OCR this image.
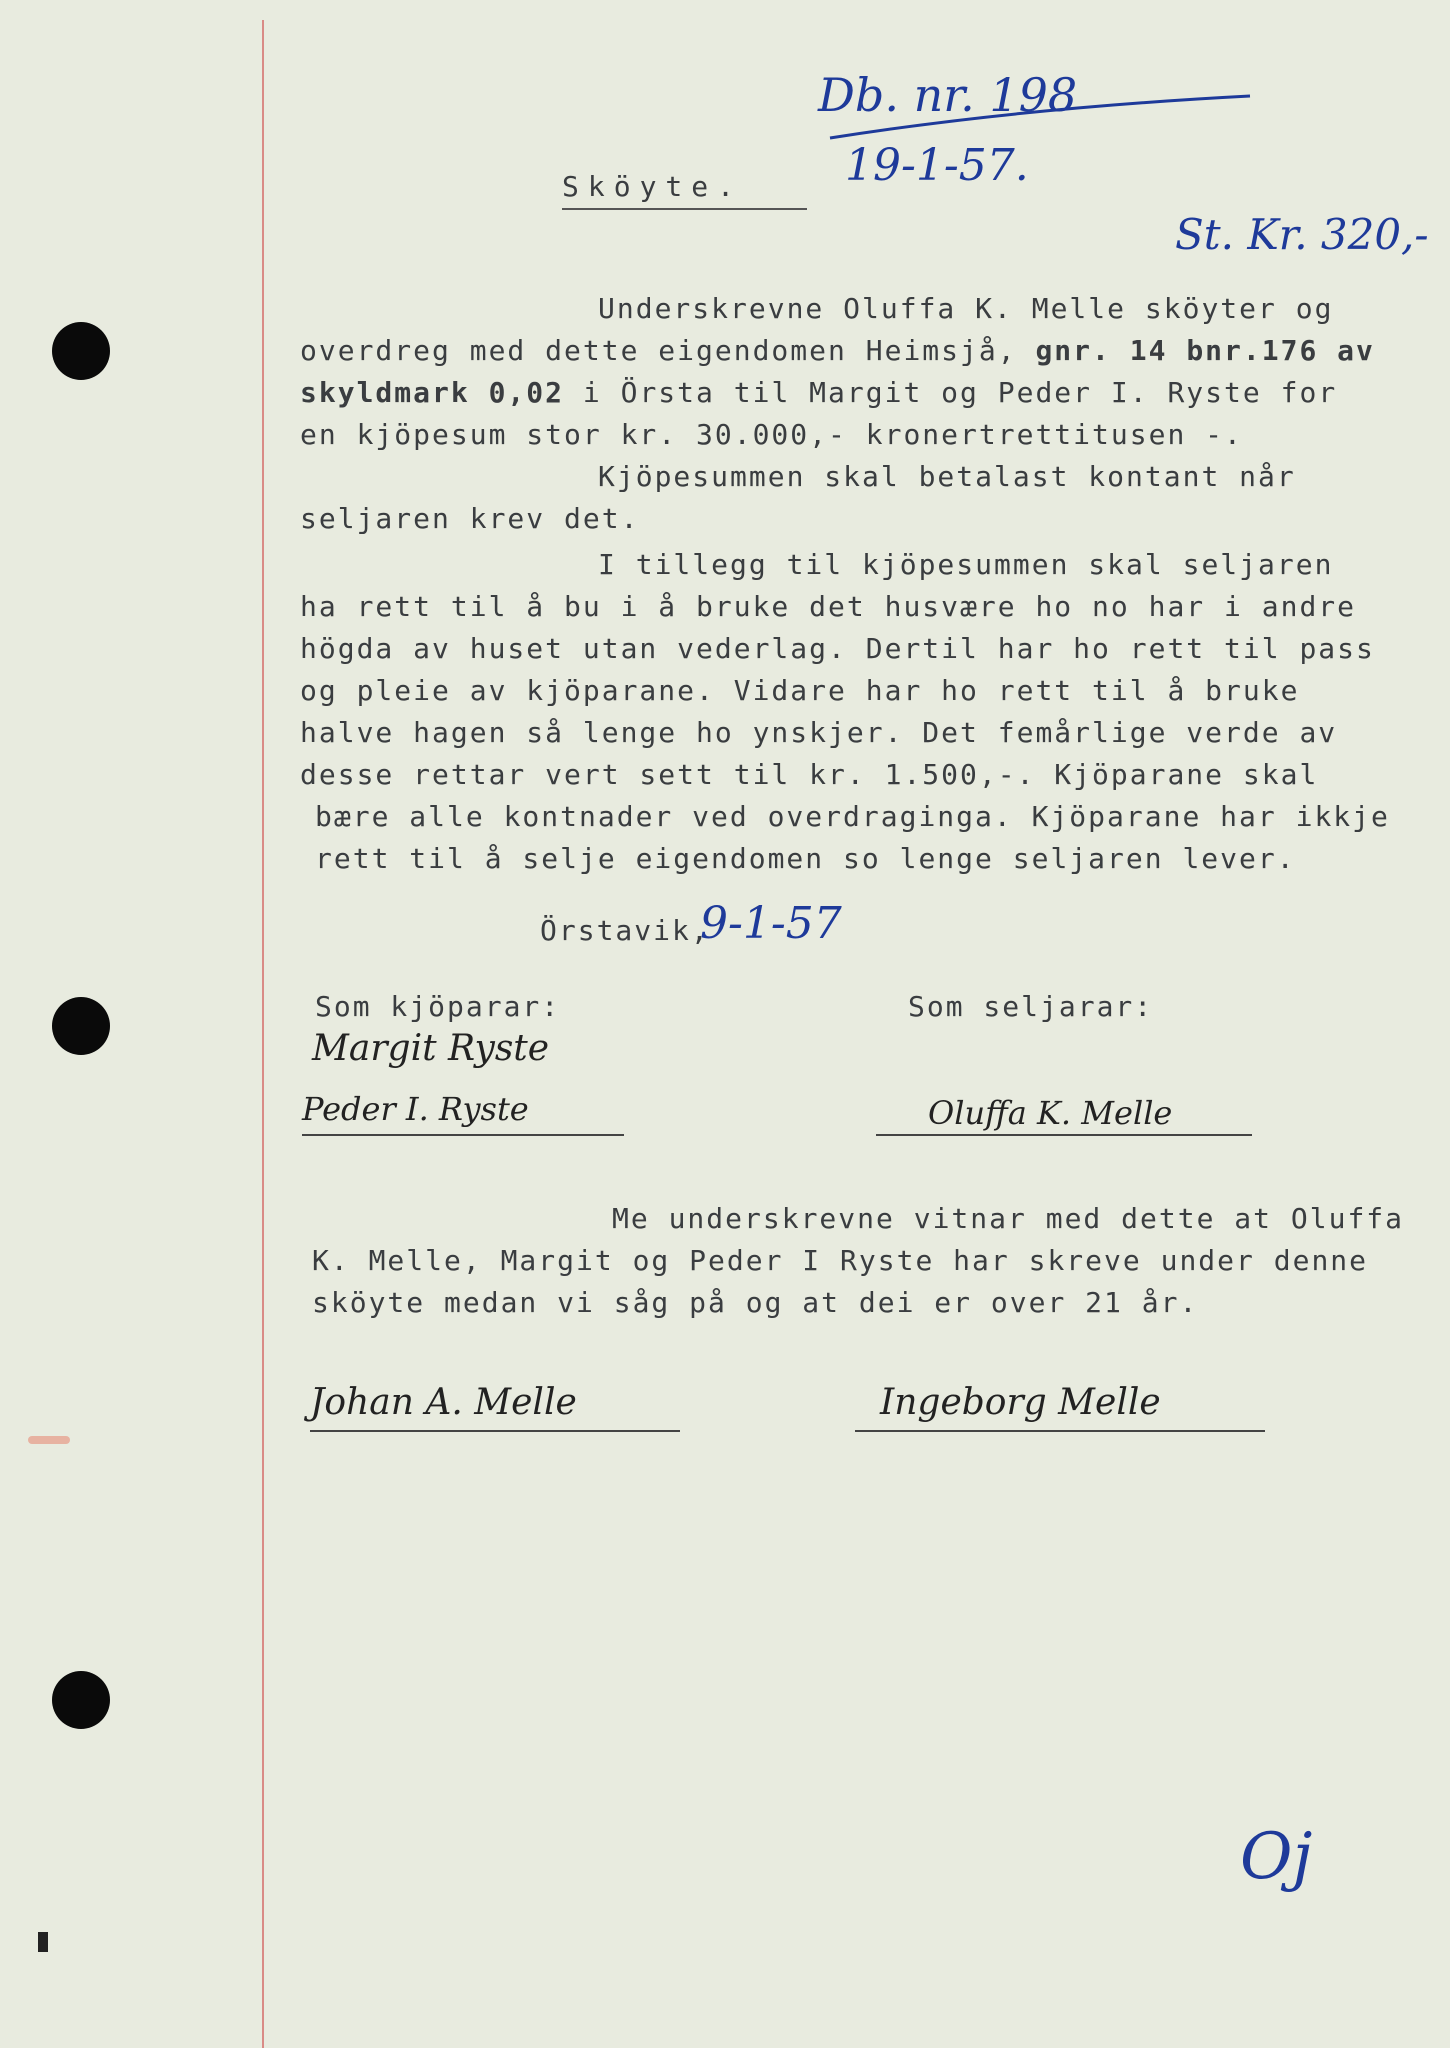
Db. nr. 198
19-1-57.
St. Kr. 320,-
Sköyte.
Underskrevne Oluffa K. Melle sköyter og
overdreg med dette eigendomen Heimsjå, gnr. 14 bnr.176 av
skyldmark 0,02 i Örsta til Margit og Peder I. Ryste for
en kjöpesum stor kr. 30.000,- kronertrettitusen -.
Kjöpesummen skal betalast kontant når
seljaren krev det.
I tillegg til kjöpesummen skal seljaren
ha rett til å bu i å bruke det husvære ho no har i andre
högda av huset utan vederlag. Dertil har ho rett til pass
og pleie av kjöparane. Vidare har ho rett til å bruke
halve hagen så lenge ho ynskjer. Det femårlige verde av
desse rettar vert sett til kr. 1.500,-. Kjöparane skal
bære alle kontnader ved overdraginga. Kjöparane har ikkje
rett til å selje eigendomen so lenge seljaren lever.
Örstavik,
9-1-57
Som kjöparar:	Som seljarar:
Margit Ryste
Peder I. Ryste	Oluffa K. Melle
Me underskrevne vitnar med dette at Oluffa
K. Melle, Margit og Peder I Ryste har skreve under denne
sköyte medan vi såg på og at dei er over 21 år.
Johan A. Melle	Ingeborg Melle
Oj
